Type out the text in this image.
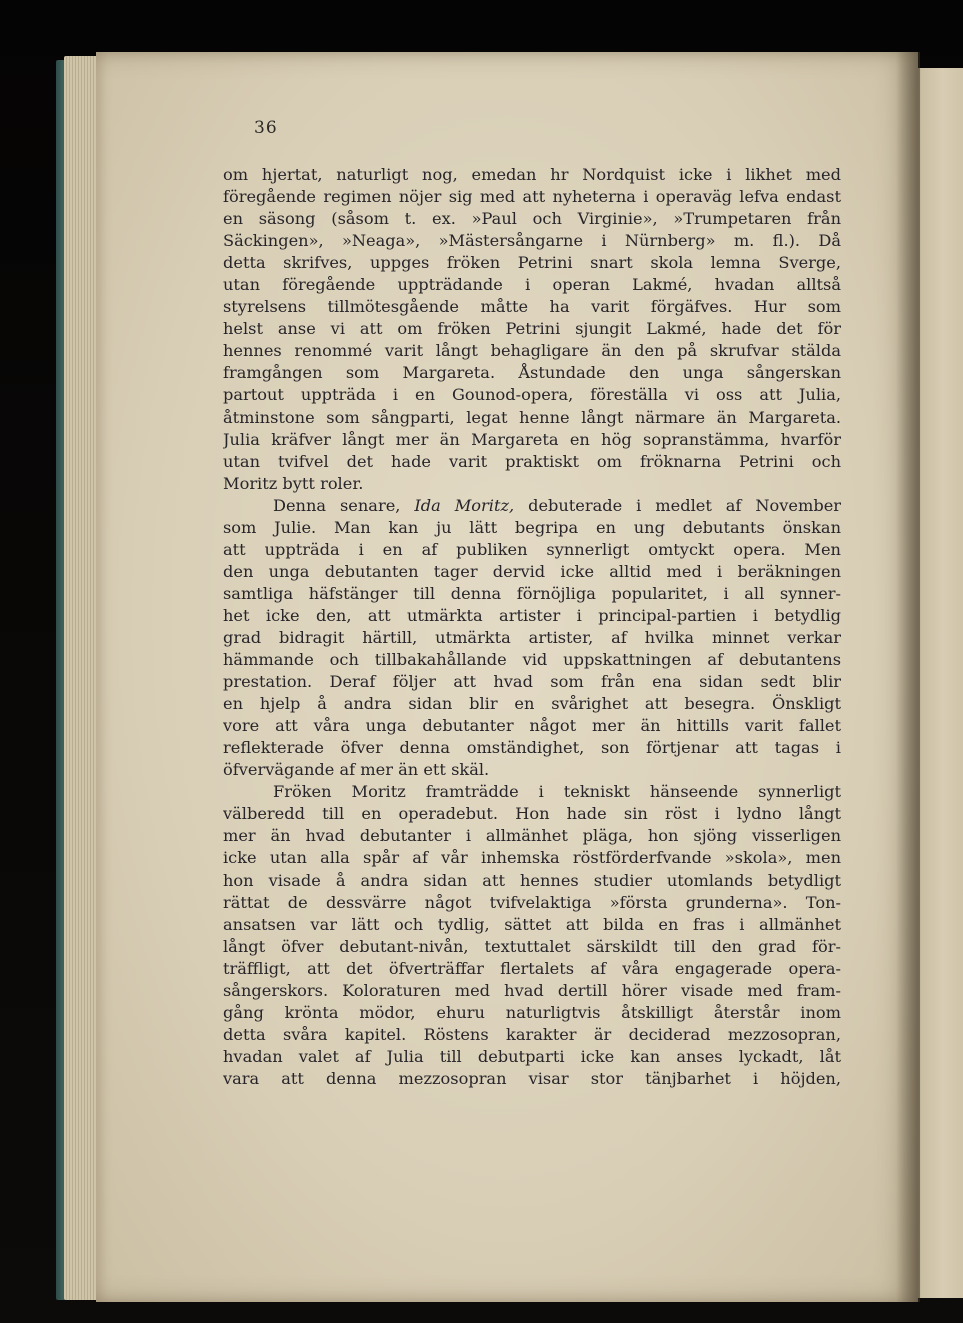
36
om hjertat, naturligt nog, emedan hr Nordquist icke i likhet med
föregående regimen nöjer sig med att nyheterna i operaväg lefva endast
en säsong (såsom t. ex. »Paul och Virginie», »Trumpetaren från
Säckingen», »Neaga», »Mästersångarne i Nürnberg» m. fl.). Då
detta skrifves, uppges fröken Petrini snart skola lemna Sverge,
utan föregående uppträdande i operan Lakmé, hvadan alltså
styrelsens tillmötesgående måtte ha varit förgäfves. Hur som
helst anse vi att om fröken Petrini sjungit Lakmé, hade det för
hennes renommé varit långt behagligare än den på skrufvar stälda
framgången som Margareta. Åstundade den unga sångerskan
partout uppträda i en Gounod-opera, föreställa vi oss att Julia,
åtminstone som sångparti, legat henne långt närmare än Margareta.
Julia kräfver långt mer än Margareta en hög sopranstämma, hvarför
utan tvifvel det hade varit praktiskt om fröknarna Petrini och
Moritz bytt roler.
Denna senare, Ida Moritz, debuterade i medlet af November
som Julie. Man kan ju lätt begripa en ung debutants önskan
att uppträda i en af publiken synnerligt omtyckt opera. Men
den unga debutanten tager dervid icke alltid med i beräkningen
samtliga häfstänger till denna förnöjliga popularitet, i all synner-
het icke den, att utmärkta artister i principal-partien i betydlig
grad bidragit härtill, utmärkta artister, af hvilka minnet verkar
hämmande och tillbakahållande vid uppskattningen af debutantens
prestation. Deraf följer att hvad som från ena sidan sedt blir
en hjelp å andra sidan blir en svårighet att besegra. Önskligt
vore att våra unga debutanter något mer än hittills varit fallet
reflekterade öfver denna omständighet, son förtjenar att tagas i
öfvervägande af mer än ett skäl.
Fröken Moritz framträdde i tekniskt hänseende synnerligt
välberedd till en operadebut. Hon hade sin röst i lydno långt
mer än hvad debutanter i allmänhet pläga, hon sjöng visserligen
icke utan alla spår af vår inhemska röstförderfvande »skola», men
hon visade å andra sidan att hennes studier utomlands betydligt
rättat de dessvärre något tvifvelaktiga »första grunderna». Ton-
ansatsen var lätt och tydlig, sättet att bilda en fras i allmänhet
långt öfver debutant-nivån, textuttalet särskildt till den grad för-
träffligt, att det öfverträffar flertalets af våra engagerade opera-
sångerskors. Koloraturen med hvad dertill hörer visade med fram-
gång krönta mödor, ehuru naturligtvis åtskilligt återstår inom
detta svåra kapitel. Röstens karakter är deciderad mezzosopran,
hvadan valet af Julia till debutparti icke kan anses lyckadt, låt
vara att denna mezzosopran visar stor tänjbarhet i höjden,
